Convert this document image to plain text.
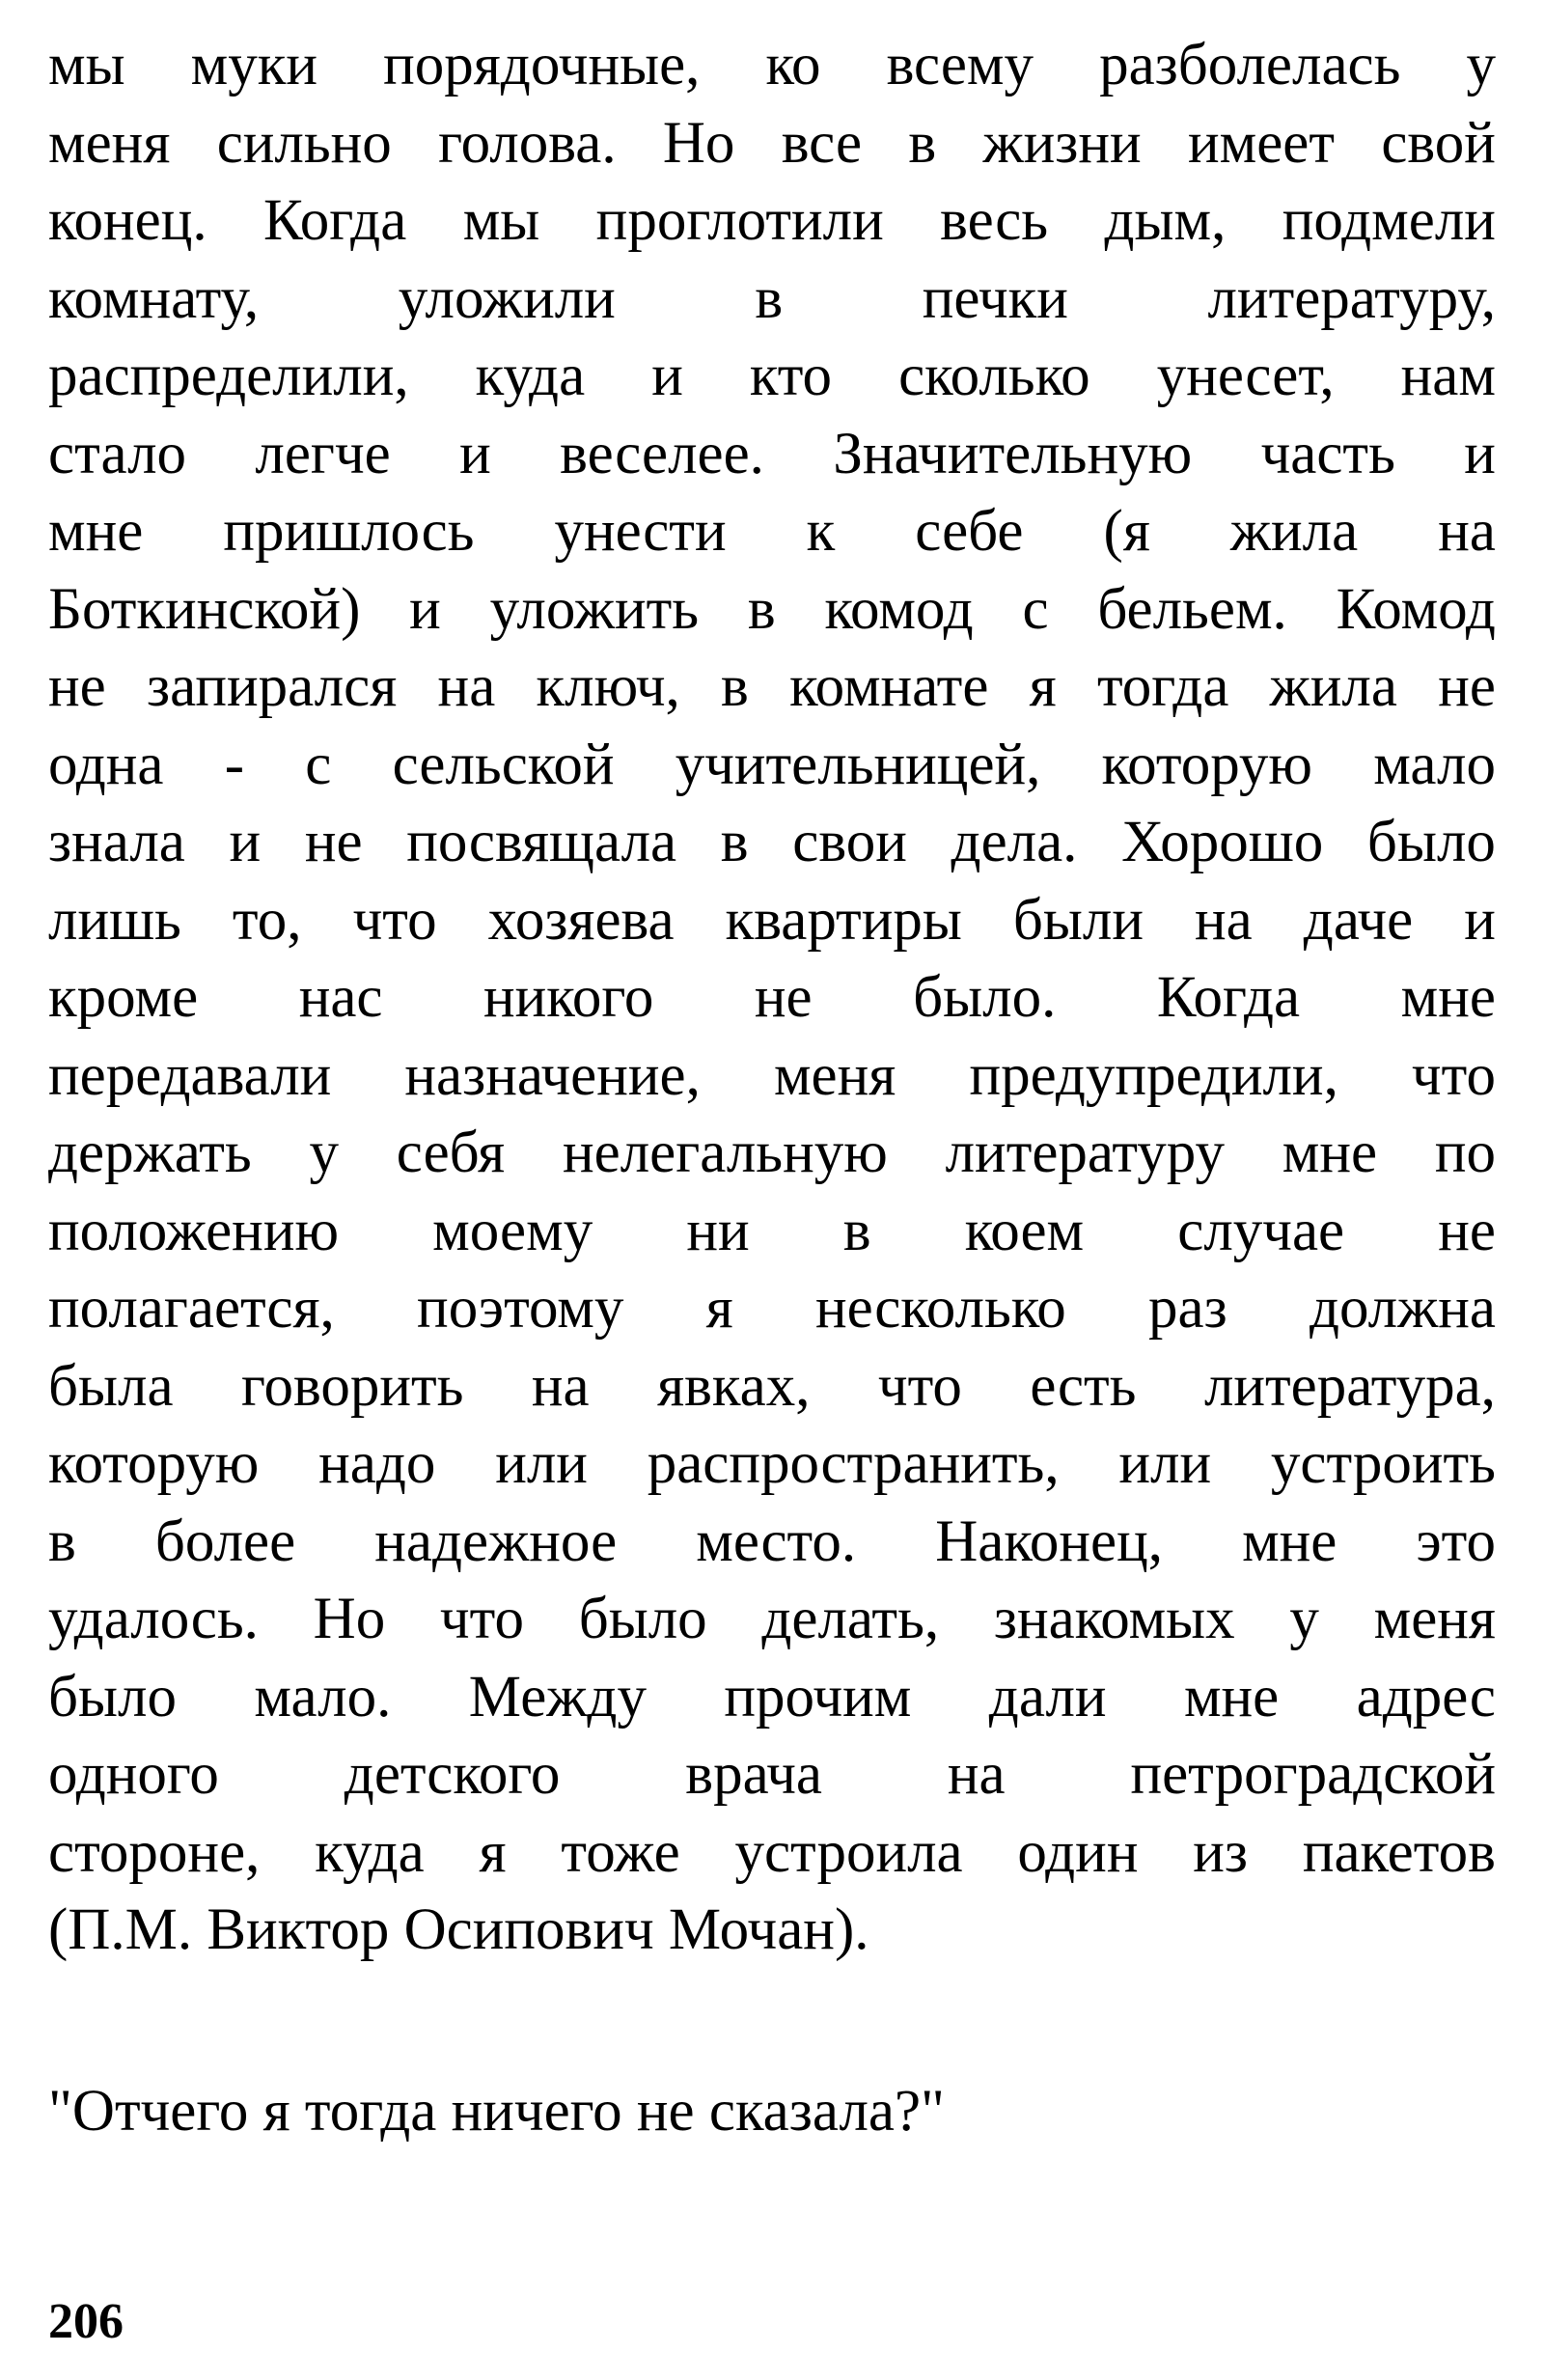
мы муки порядочные, ко всему разболелась у
меня сильно голова. Но все в жизни имеет свой
конец. Когда мы проглотили весь дым, подмели
комнату, уложили в печки литературу,
распределили, куда и кто сколько унесет, нам
стало легче и веселее. Значительную часть и
мне пришлось унести к себе (я жила на
Боткинской) и уложить в комод с бельем. Комод
не запирался на ключ, в комнате я тогда жила не
одна - с сельской учительницей, которую мало
знала и не посвящала в свои дела. Хорошо было
лишь то, что хозяева квартиры были на даче и
кроме нас никого не было. Когда мне
передавали назначение, меня предупредили, что
держать у себя нелегальную литературу мне по
положению моему ни в коем случае не
полагается, поэтому я несколько раз должна
была говорить на явках, что есть литература,
которую надо или распространить, или устроить
в более надежное место. Наконец, мне это
удалось. Но что было делать, знакомых у меня
было мало. Между прочим дали мне адрес
одного детского врача на петроградской
стороне, куда я тоже устроила один из пакетов
(П.М. Виктор Осипович Мочан).
"Отчего я тогда ничего не сказала?"
206
